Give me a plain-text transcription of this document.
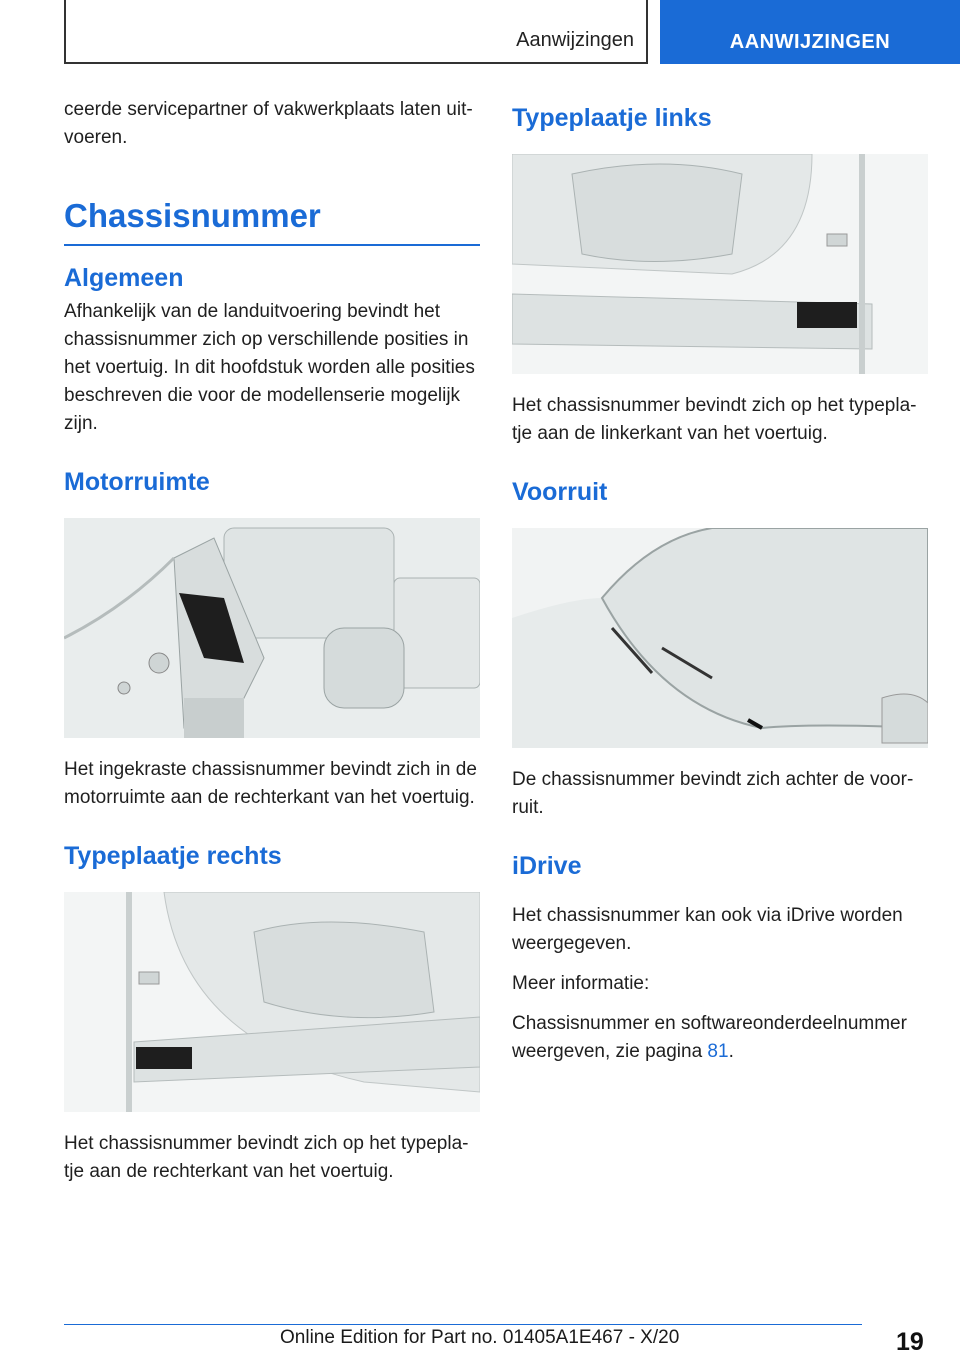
Aanwijzingen	AANWIJZINGEN

ceerde servicepartner of vakwerkplaats laten uit-voeren.

Chassisnummer
Algemeen

Afhankelijk van de landuitvoering bevindt het chassisnummer zich op verschillende posities in het voertuig. In dit hoofdstuk worden alle posities beschreven die voor de modellenserie mogelijk zijn.

Motorruimte

Het ingekraste chassisnummer bevindt zich in de motorruimte aan de rechterkant van het voertuig.

Typeplaatje rechts

Het chassisnummer bevindt zich op het typepla-tje aan de rechterkant van het voertuig.

Typeplaatje links

Het chassisnummer bevindt zich op het typepla-tje aan de linkerkant van het voertuig.

Voorruit

De chassisnummer bevindt zich achter de voor-ruit.

iDrive

Het chassisnummer kan ook via iDrive worden weergegeven.

Meer informatie:

Chassisnummer en softwareonderdeelnummer weergeven, zie pagina 81.

19
Online Edition for Part no. 01405A1E467 - X/20
